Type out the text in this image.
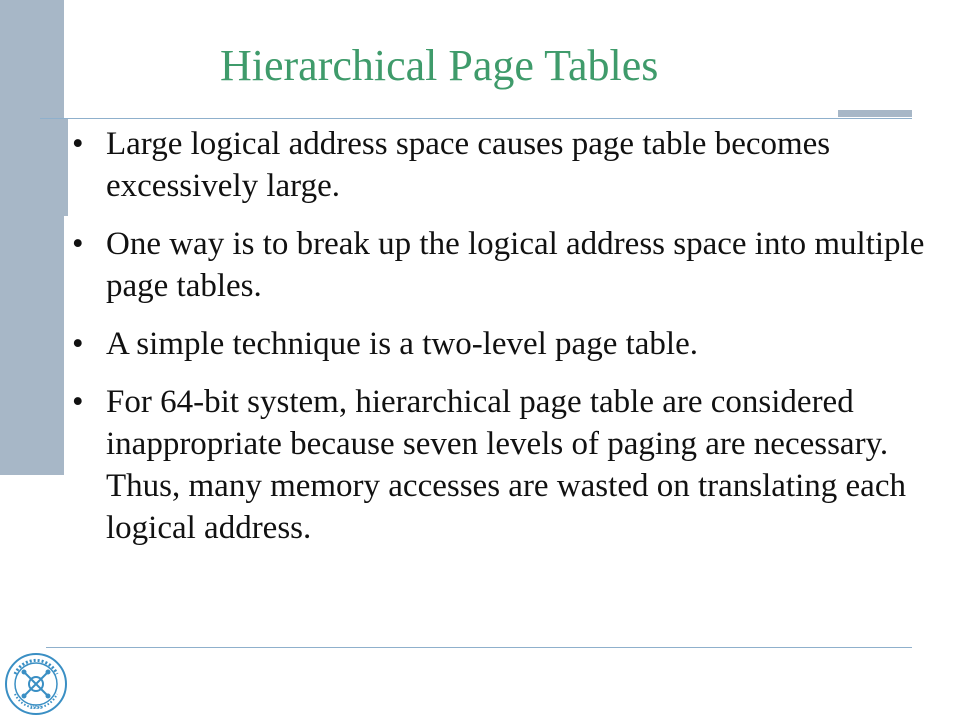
Hierarchical Page Tables
• Large logical address space causes page table becomes excessively large.
• One way is to break up the logical address space into multiple page tables.
• A simple technique is a two-level page table.
• For 64-bit system, hierarchical page table are considered inappropriate because seven levels of paging are necessary. Thus, many memory accesses are wasted on translating each logical address.
1956
